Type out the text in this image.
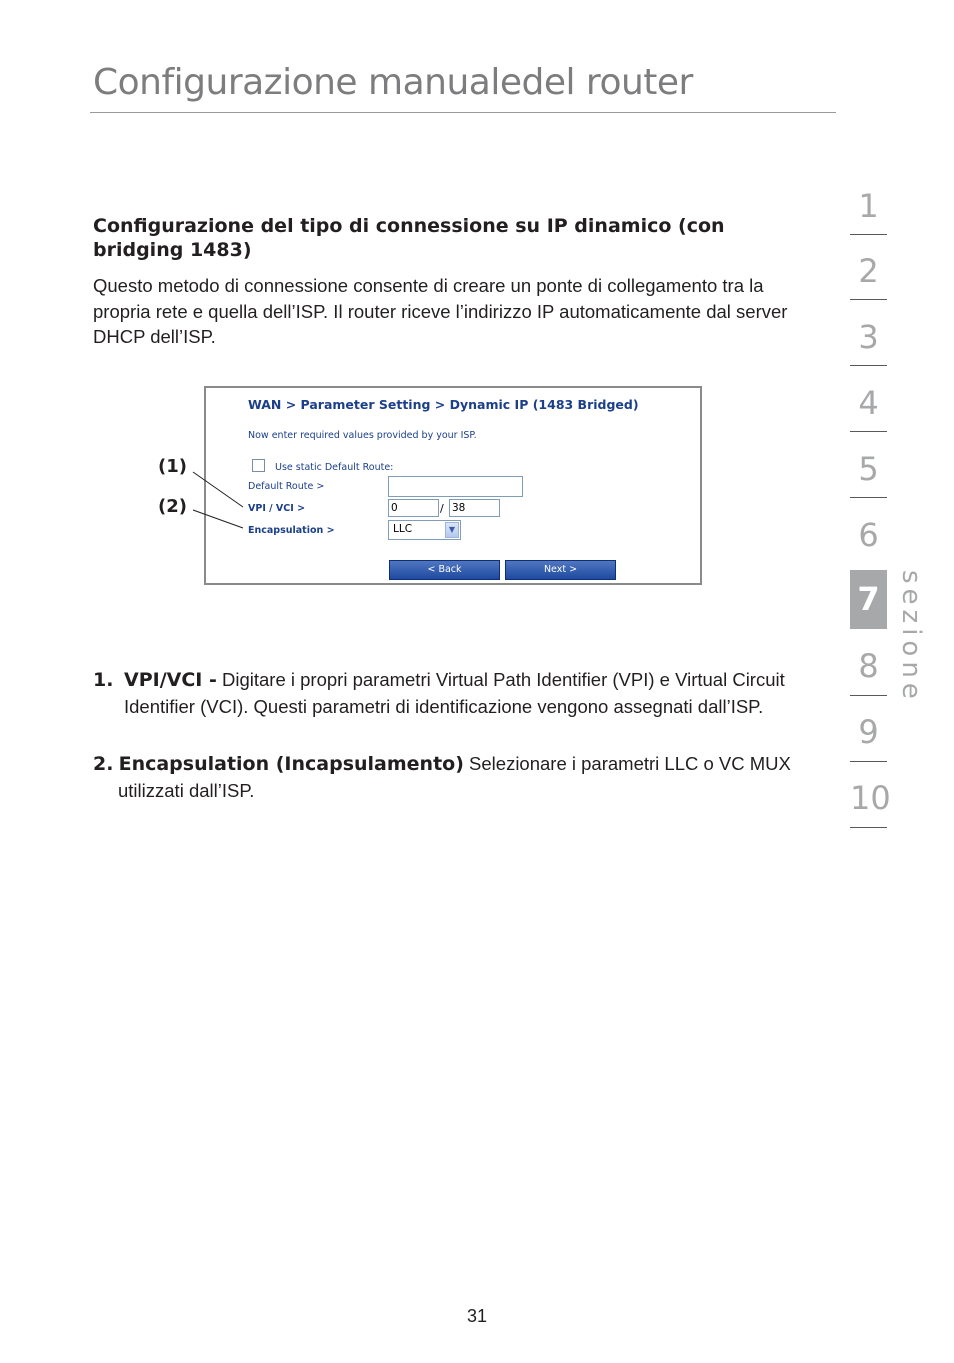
Configurazione manualedel router
Configurazione del tipo di connessione su IP dinamico (con bridging 1483)
Questo metodo di connessione consente di creare un ponte di collegamento tra la propria rete e quella dell’ISP. Il router riceve l’indirizzo IP automaticamente dal server DHCP dell’ISP.
WAN > Parameter Setting > Dynamic IP (1483 Bridged)
Now enter required values provided by your ISP.
Use static Default Route:
Default Route >
VPI / VCI >	0	/ 38
Encapsulation >	LLC	▼
< Back	Next >
(1)
(2)
1. VPI/VCI - Digitare i propri parametri Virtual Path Identifier (VPI) e Virtual Circuit Identifier (VCI). Questi parametri di identificazione vengono assegnati dall’ISP.
2. Encapsulation (Incapsulamento) Selezionare i parametri LLC o VC MUX utilizzati dall’ISP.
1
2
3
4
5
6
7
8
9
10
sezione
31
